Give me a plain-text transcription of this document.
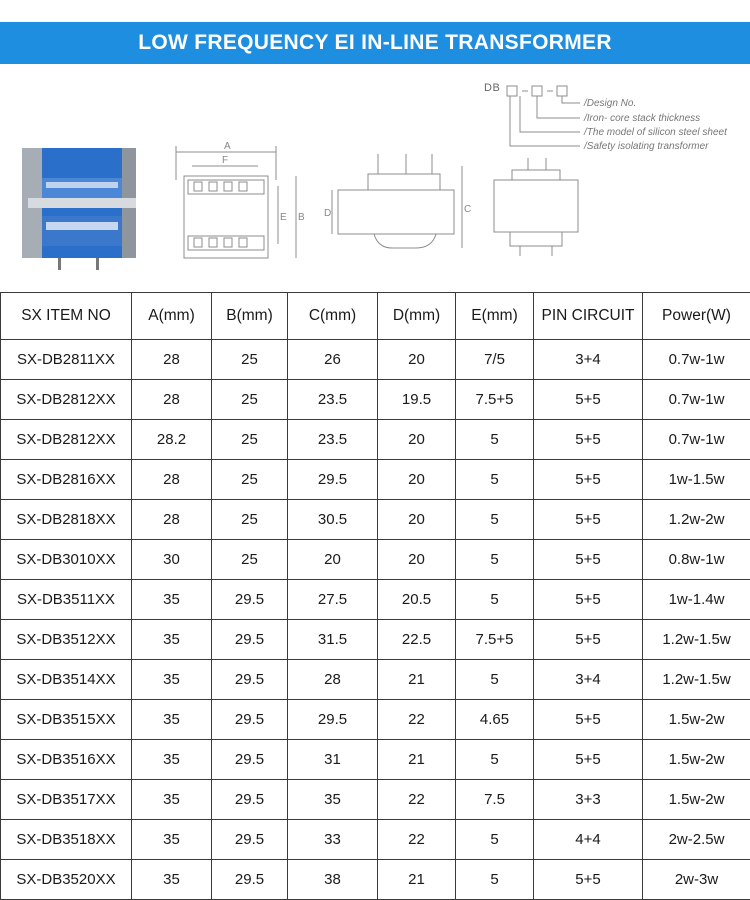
LOW FREQUENCY EI IN-LINE TRANSFORMER
A
F
E B D	C
DB
/Design No.
/Iron- core stack thickness
/The model of silicon steel sheet
/Safety isolating transformer
SX ITEM NO	A(mm)	B(mm)	C(mm)	D(mm)	E(mm)	PIN CIRCUIT	Power(W)
SX-DB2811XX	28	25	26	20	7/5	3+4	0.7w-1w
SX-DB2812XX	28	25	23.5	19.5	7.5+5	5+5	0.7w-1w
SX-DB2812XX	28.2	25	23.5	20	5	5+5	0.7w-1w
SX-DB2816XX	28	25	29.5	20	5	5+5	1w-1.5w
SX-DB2818XX	28	25	30.5	20	5	5+5	1.2w-2w
SX-DB3010XX	30	25	20	20	5	5+5	0.8w-1w
SX-DB3511XX	35	29.5	27.5	20.5	5	5+5	1w-1.4w
SX-DB3512XX	35	29.5	31.5	22.5	7.5+5	5+5	1.2w-1.5w
SX-DB3514XX	35	29.5	28	21	5	3+4	1.2w-1.5w
SX-DB3515XX	35	29.5	29.5	22	4.65	5+5	1.5w-2w
SX-DB3516XX	35	29.5	31	21	5	5+5	1.5w-2w
SX-DB3517XX	35	29.5	35	22	7.5	3+3	1.5w-2w
SX-DB3518XX	35	29.5	33	22	5	4+4	2w-2.5w
SX-DB3520XX	35	29.5	38	21	5	5+5	2w-3w
